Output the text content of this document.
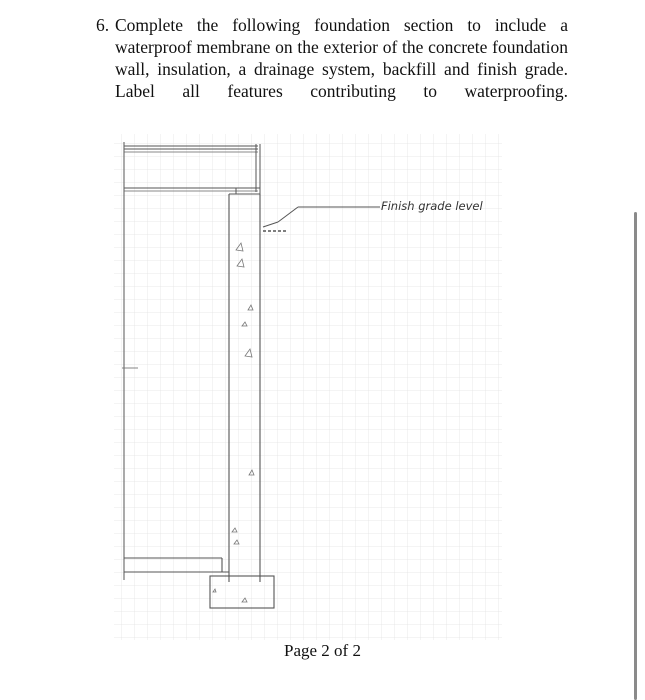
6. Complete the following foundation section to include a waterproof membrane on the exterior of the concrete foundation wall, insulation, a drainage system, backfill and finish grade. Label all features contributing to waterproofing.
Finish grade level
Page 2 of 2
